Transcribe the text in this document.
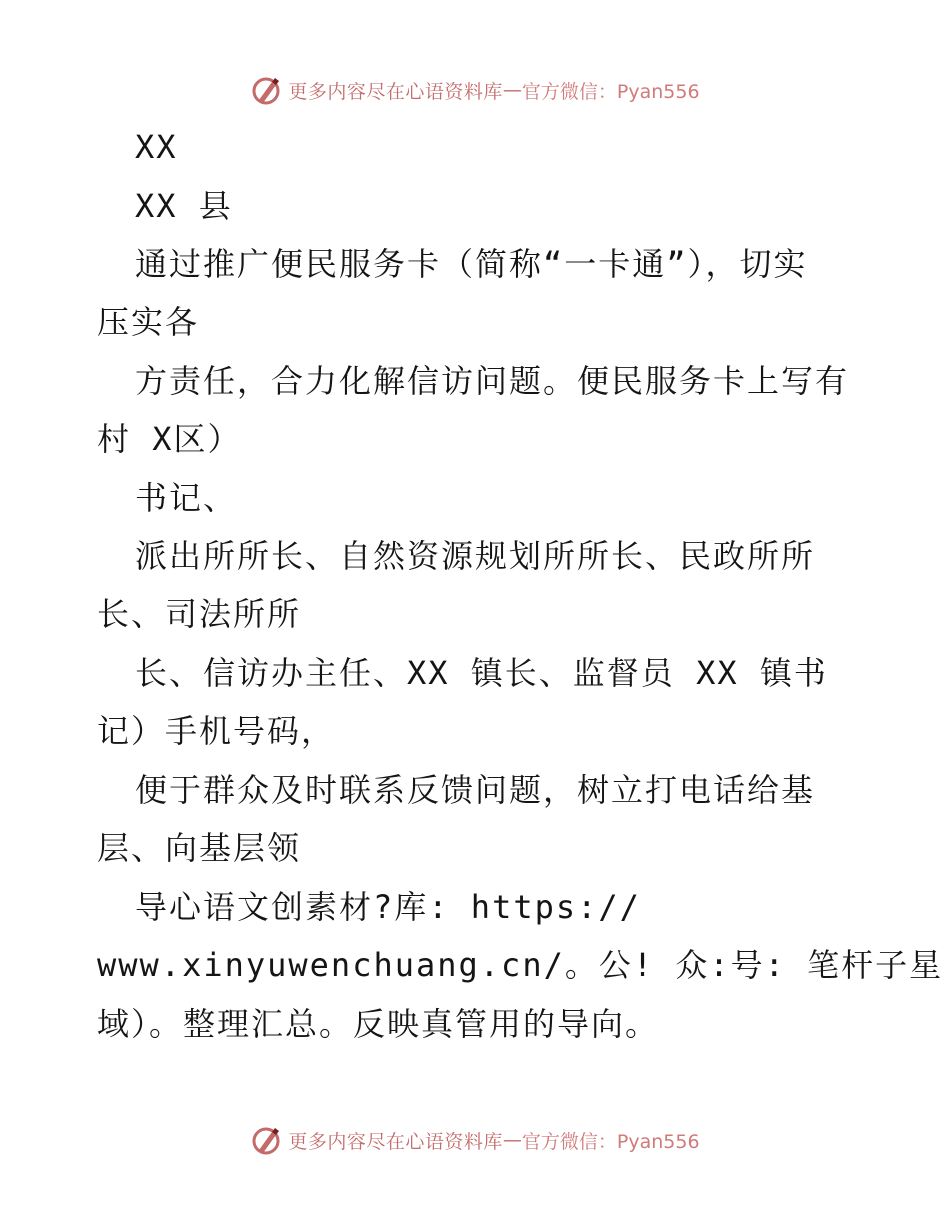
更多内容尽在心语资料库 — 官方微信：Pyan556
XX
XX 县
通过推广便民服务卡（简称“一卡通”），切实
压实各
方责任，合力化解信访问题。便民服务卡上写有
村 X区）
书记、
派出所所长、自然资源规划所所长、民政所所
长、司法所所
长、信访办主任、XX 镇长、监督员 XX 镇书
记）手机号码，
便于群众及时联系反馈问题，树立打电话给基
层、向基层领
导心语文创素材?库: https://
www.xinyuwenchuang.cn/。公! 众:号: 笔杆子星
域）。整理汇总。反映真管用的导向。
更多内容尽在心语资料库 — 官方微信：Pyan556
